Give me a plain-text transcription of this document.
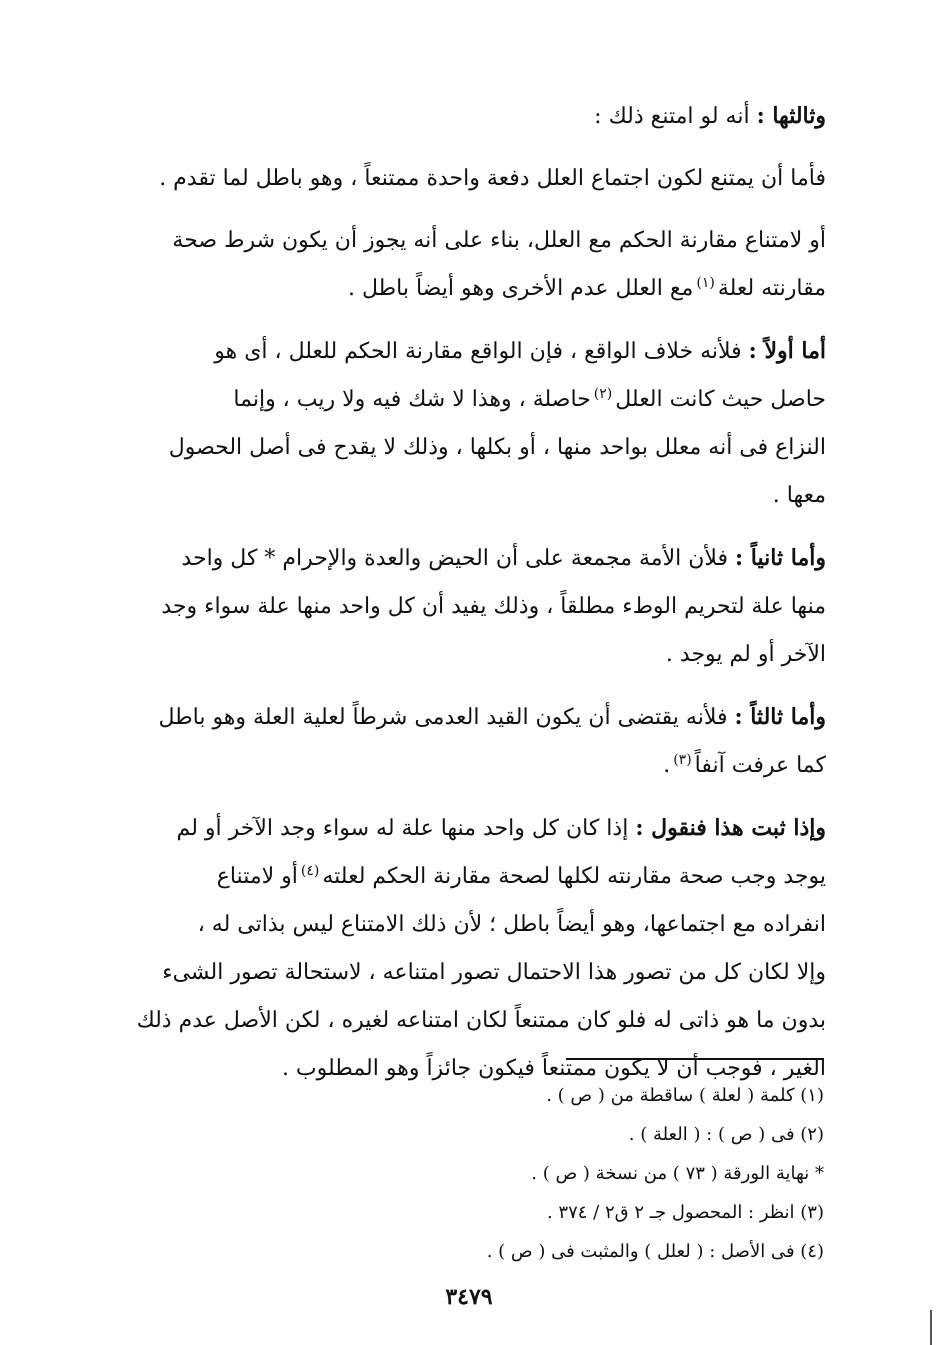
وثالثها : أنه لو امتنع ذلك :
فأما أن يمتنع لكون اجتماع العلل دفعة واحدة ممتنعاً ، وهو باطل لما تقدم .
أو لامتناع مقارنة الحكم مع العلل، بناء على أنه يجوز أن يكون شرط صحة
مقارنته لعلة$^{(١)}$مع العلل عدم الأخرى وهو أيضاً باطل .
أما أولاً : فلأنه خلاف الواقع ، فإن الواقع مقارنة الحكم للعلل ، أى هو
حاصل حيث كانت العلل$^{(٢)}$حاصلة ، وهذا لا شك فيه ولا ريب ، وإنما
النزاع فى أنه معلل بواحد منها ، أو بكلها ، وذلك لا يقدح فى أصل الحصول
معها .
وأما ثانياً : فلأن الأمة مجمعة على أن الحيض والعدة والإحرام * كل واحد
منها علة لتحريم الوطء مطلقاً ، وذلك يفيد أن كل واحد منها علة سواء وجد
الآخر أو لم يوجد .
وأما ثالثاً : فلأنه يقتضى أن يكون القيد العدمى شرطاً لعلية العلة وهو باطل
كما عرفت آنفاً$^{(٣)}$.
وإذا ثبت هذا فنقول : إذا كان كل واحد منها علة له سواء وجد الآخر أو لم
يوجد وجب صحة مقارنته لكلها لصحة مقارنة الحكم لعلته$^{(٤)}$أو لامتناع
انفراده مع اجتماعها، وهو أيضاً باطل ؛ لأن ذلك الامتناع ليس بذاتى له ،
وإلا لكان كل من تصور هذا الاحتمال تصور امتناعه ، لاستحالة تصور الشىء
بدون ما هو ذاتى له فلو كان ممتنعاً لكان امتناعه لغيره ، لكن الأصل عدم ذلك
الغير ، فوجب أن لا يكون ممتنعاً فيكون جائزاً وهو المطلوب .
(١) كلمة ( لعلة ) ساقطة من ( ص ) .
(٢) فى ( ص ) : ( العلة ) .
* نهاية الورقة ( ٧٣ ) من نسخة ( ص ) .
(٣) انظر : المحصول جـ ٢ ق٢ / ٣٧٤ .
(٤) فى الأصل : ( لعلل ) والمثبت فى ( ص ) .
٣٤٧٩
